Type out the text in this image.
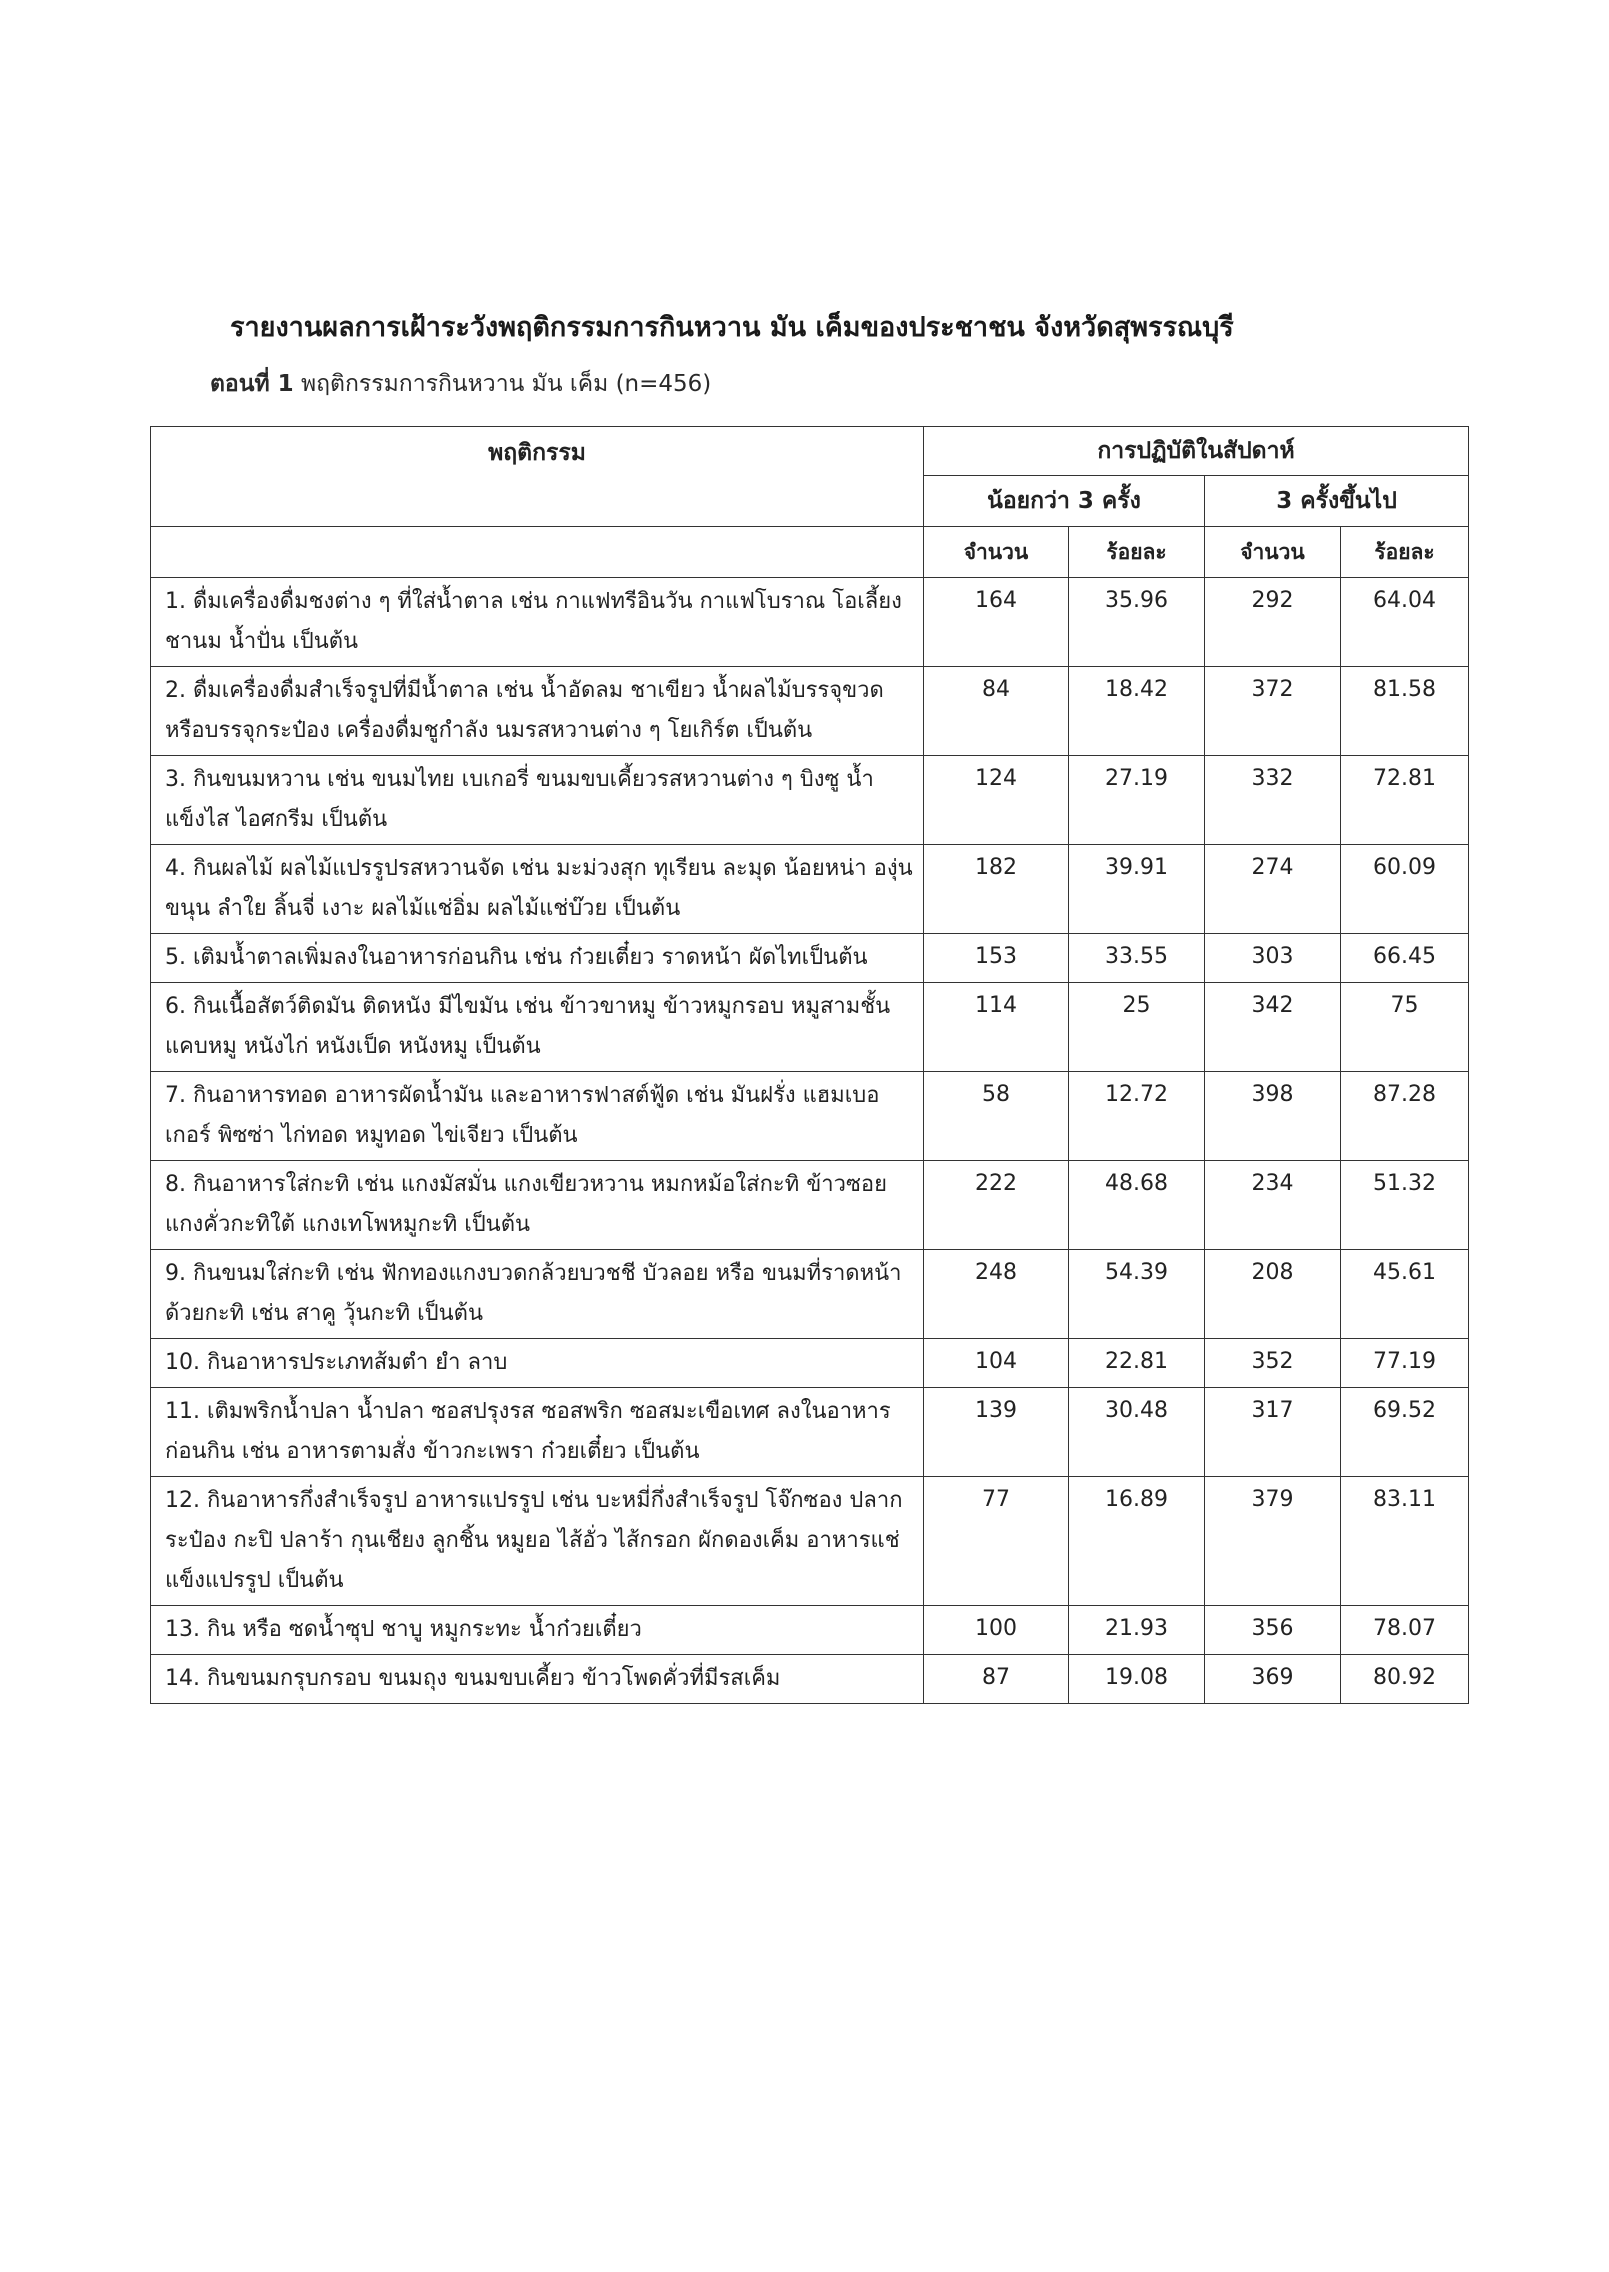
รายงานผลการเฝ้าระวังพฤติกรรมการกินหวาน มัน เค็มของประชาชน จังหวัดสุพรรณบุรี
ตอนที่ 1 พฤติกรรมการกินหวาน มัน เค็ม (n=456)
พฤติกรรม	การปฏิบัติในสัปดาห์			
	น้อยกว่า 3 ครั้ง		3 ครั้งขึ้นไป	
	จำนวน	ร้อยละ	จำนวน	ร้อยละ
1. ดื่มเครื่องดื่มชงต่าง ๆ ที่ใส่น้ำตาล เช่น กาแฟทรีอินวัน กาแฟโบราณ โอเลี้ยง ชานม น้ำปั่น เป็นต้น	164	35.96	292	64.04
2. ดื่มเครื่องดื่มสำเร็จรูปที่มีน้ำตาล เช่น น้ำอัดลม ชาเขียว น้ำผลไม้บรรจุขวดหรือบรรจุกระป๋อง เครื่องดื่มชูกำลัง นมรสหวานต่าง ๆ โยเกิร์ต เป็นต้น	84	18.42	372	81.58
3. กินขนมหวาน เช่น ขนมไทย เบเกอรี่ ขนมขบเคี้ยวรสหวานต่าง ๆ บิงซู น้ำแข็งไส ไอศกรีม เป็นต้น	124	27.19	332	72.81
4. กินผลไม้ ผลไม้แปรรูปรสหวานจัด เช่น มะม่วงสุก ทุเรียน ละมุด น้อยหน่า องุ่น ขนุน ลำใย ลิ้นจี่ เงาะ ผลไม้แช่อิ่ม ผลไม้แช่บ๊วย เป็นต้น	182	39.91	274	60.09
5. เติมน้ำตาลเพิ่มลงในอาหารก่อนกิน เช่น ก๋วยเตี๋ยว ราดหน้า ผัดไทเป็นต้น	153	33.55	303	66.45
6. กินเนื้อสัตว์ติดมัน ติดหนัง มีไขมัน เช่น ข้าวขาหมู ข้าวหมูกรอบ หมูสามชั้น แคบหมู หนังไก่ หนังเป็ด หนังหมู เป็นต้น	114	25	342	75
7. กินอาหารทอด อาหารผัดน้ำมัน และอาหารฟาสต์ฟู้ด เช่น มันฝรั่ง แฮมเบอเกอร์ พิซซ่า ไก่ทอด หมูทอด ไข่เจียว เป็นต้น	58	12.72	398	87.28
8. กินอาหารใส่กะทิ เช่น แกงมัสมั่น แกงเขียวหวาน หมกหม้อใส่กะทิ ข้าวซอย แกงคั่วกะทิใต้ แกงเทโพหมูกะทิ เป็นต้น	222	48.68	234	51.32
9. กินขนมใส่กะทิ เช่น ฟักทองแกงบวดกล้วยบวชชี บัวลอย หรือ ขนมที่ราดหน้าด้วยกะทิ เช่น สาคู วุ้นกะทิ เป็นต้น	248	54.39	208	45.61
10. กินอาหารประเภทส้มตำ ยำ ลาบ	104	22.81	352	77.19
11. เติมพริกน้ำปลา น้ำปลา ซอสปรุงรส ซอสพริก ซอสมะเขือเทศ ลงในอาหารก่อนกิน เช่น อาหารตามสั่ง ข้าวกะเพรา ก๋วยเตี๋ยว เป็นต้น	139	30.48	317	69.52
12. กินอาหารกึ่งสำเร็จรูป อาหารแปรรูป เช่น บะหมี่กึ่งสำเร็จรูป โจ๊กซอง ปลากระป๋อง กะปิ ปลาร้า กุนเชียง ลูกชิ้น หมูยอ ไส้อั่ว ไส้กรอก ผักดองเค็ม อาหารแช่แข็งแปรรูป เป็นต้น	77	16.89	379	83.11
13. กิน หรือ ซดน้ำซุป ชาบู หมูกระทะ น้ำก๋วยเตี๋ยว	100	21.93	356	78.07
14. กินขนมกรุบกรอบ ขนมถุง ขนมขบเคี้ยว ข้าวโพดคั่วที่มีรสเค็ม	87	19.08	369	80.92
